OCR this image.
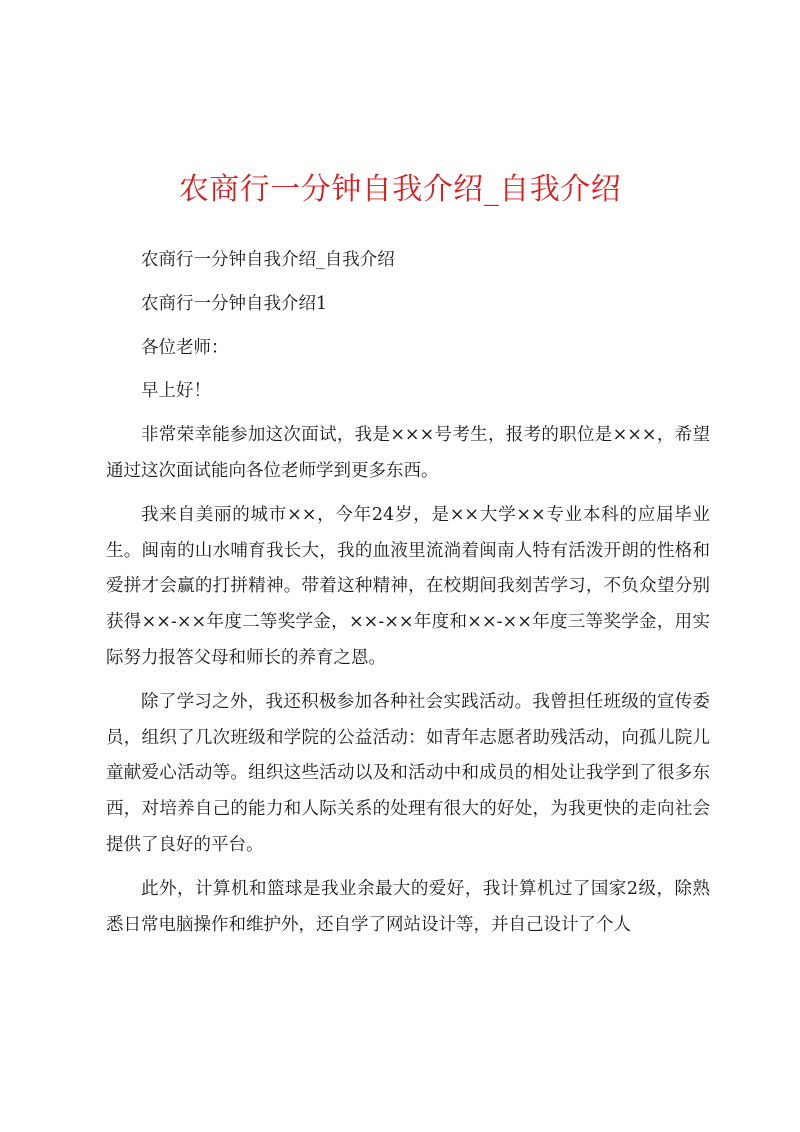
农商行一分钟自我介绍_自我介绍

农商行一分钟自我介绍_自我介绍

农商行一分钟自我介绍1

各位老师：

早上好！

非常荣幸能参加这次面试，我是×××号考生，报考的职位是×××，希望通过这次面试能向各位老师学到更多东西。

我来自美丽的城市××，今年24岁，是××大学××专业本科的应届毕业生。闽南的山水哺育我长大，我的血液里流淌着闽南人特有活泼开朗的性格和爱拼才会赢的打拼精神。带着这种精神，在校期间我刻苦学习，不负众望分别获得××-××年度二等奖学金，××-××年度和××-××年度三等奖学金，用实际努力报答父母和师长的养育之恩。

除了学习之外，我还积极参加各种社会实践活动。我曾担任班级的宣传委员，组织了几次班级和学院的公益活动：如青年志愿者助残活动，向孤儿院儿童献爱心活动等。组织这些活动以及和活动中和成员的相处让我学到了很多东西，对培养自己的能力和人际关系的处理有很大的好处，为我更快的走向社会提供了良好的平台。

此外，计算机和篮球是我业余最大的爱好，我计算机过了国家2级，除熟悉日常电脑操作和维护外，还自学了网站设计等，并自己设计了个人
